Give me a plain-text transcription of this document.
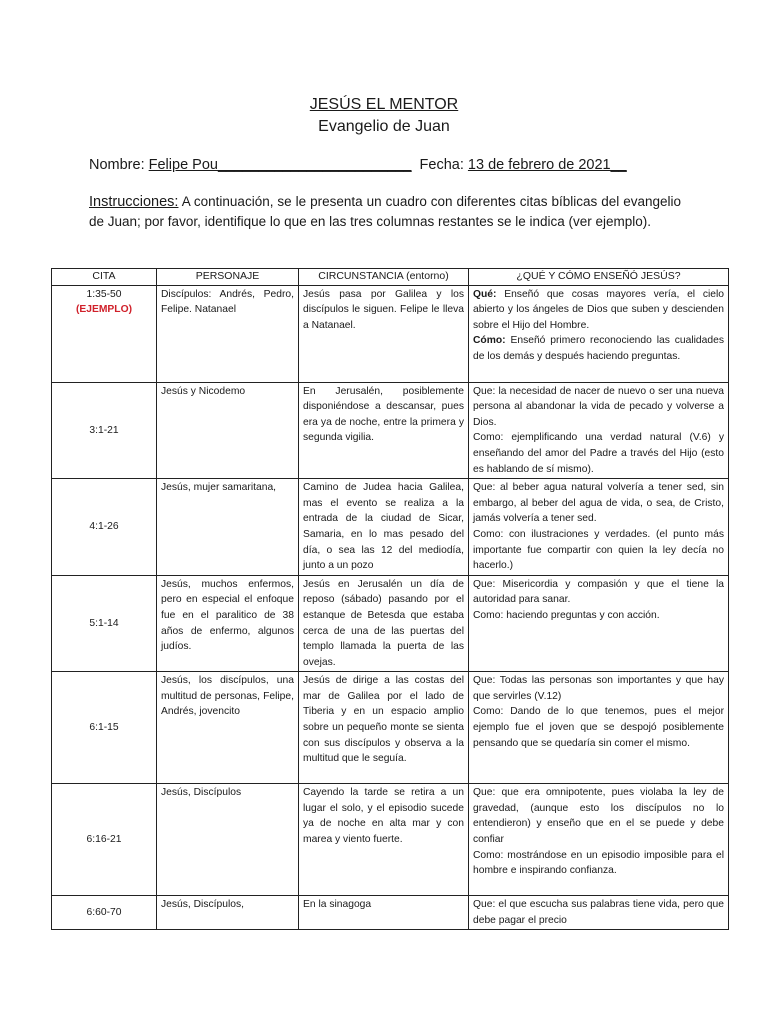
JESÚS EL MENTOR
Evangelio de Juan
Nombre: Felipe Pou________________________ Fecha: 13 de febrero de 2021__
Instrucciones: A continuación, se le presenta un cuadro con diferentes citas bíblicas del evangelio de Juan; por favor, identifique lo que en las tres columnas restantes se le indica (ver ejemplo).
CITA	PERSONAJE	CIRCUNSTANCIA (entorno)	¿QUÉ Y CÓMO ENSEÑÓ JESÚS?

1:35-50
(EJEMPLO)	Discípulos: Andrés, Pedro, Felipe. Natanael	Jesús pasa por Galilea y los discípulos le siguen. Felipe le lleva a Natanael.	Qué: Enseñó que cosas mayores vería, el cielo abierto y los ángeles de Dios que suben y descienden sobre el Hijo del Hombre.
Cómo: Enseñó primero reconociendo las cualidades de los demás y después haciendo preguntas.

3:1-21	Jesús y Nicodemo	En Jerusalén, posiblemente disponiéndose a descansar, pues era ya de noche, entre la primera y segunda vigilia.	Que: la necesidad de nacer de nuevo o ser una nueva persona al abandonar la vida de pecado y volverse a Dios.
Como: ejemplificando una verdad natural (V.6) y enseñando del amor del Padre a través del Hijo (esto es hablando de sí mismo).

4:1-26	Jesús, mujer samaritana,	Camino de Judea hacia Galilea, mas el evento se realiza a la entrada de la ciudad de Sicar, Samaria, en lo mas pesado del día, o sea las 12 del mediodía, junto a un pozo	Que: al beber agua natural volvería a tener sed, sin embargo, al beber del agua de vida, o sea, de Cristo, jamás volvería a tener sed.
Como: con ilustraciones y verdades. (el punto más importante fue compartir con quien la ley decía no hacerlo.)

5:1-14	Jesús, muchos enfermos, pero en especial el enfoque fue en el paralitico de 38 años de enfermo, algunos judíos.	Jesús en Jerusalén un día de reposo (sábado) pasando por el estanque de Betesda que estaba cerca de una de las puertas del templo llamada la puerta de las ovejas.	Que: Misericordia y compasión y que el tiene la autoridad para sanar.
Como: haciendo preguntas y con acción.

6:1-15	Jesús, los discípulos, una multitud de personas, Felipe, Andrés, jovencito	Jesús de dirige a las costas del mar de Galilea por el lado de Tiberia y en un espacio amplio sobre un pequeño monte se sienta con sus discípulos y observa a la multitud que le seguía.	Que: Todas las personas son importantes y que hay que servirles (V.12)
Como: Dando de lo que tenemos, pues el mejor ejemplo fue el joven que se despojó posiblemente pensando que se quedaría sin comer el mismo.

6:16-21	Jesús, Discípulos	Cayendo la tarde se retira a un lugar el solo, y el episodio sucede ya de noche en alta mar y con marea y viento fuerte.	Que: que era omnipotente, pues violaba la ley de gravedad, (aunque esto los discípulos no lo entendieron) y enseño que en el se puede y debe confiar
Como: mostrándose en un episodio imposible para el hombre e inspirando confianza.

6:60-70	Jesús, Discípulos,	En la sinagoga	Que: el que escucha sus palabras tiene vida, pero que debe pagar el precio
